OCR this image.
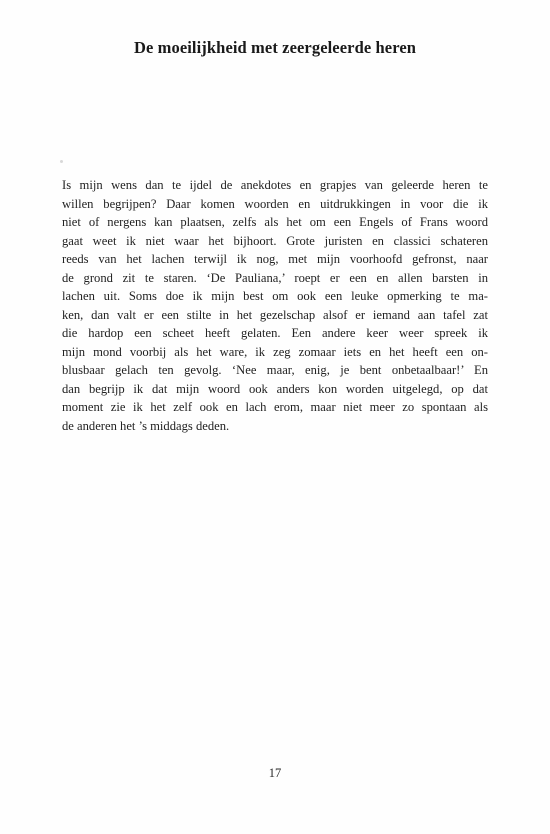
De moeilijkheid met zeergeleerde heren

Is mijn wens dan te ijdel de anekdotes en grapjes van geleerde heren te
willen begrijpen? Daar komen woorden en uitdrukkingen in voor die ik
niet of nergens kan plaatsen, zelfs als het om een Engels of Frans woord
gaat weet ik niet waar het bijhoort. Grote juristen en classici schateren
reeds van het lachen terwijl ik nog, met mijn voorhoofd gefronst, naar
de grond zit te staren. ‘De Pauliana,’ roept er een en allen barsten in
lachen uit. Soms doe ik mijn best om ook een leuke opmerking te ma-
ken, dan valt er een stilte in het gezelschap alsof er iemand aan tafel zat
die hardop een scheet heeft gelaten. Een andere keer weer spreek ik
mijn mond voorbij als het ware, ik zeg zomaar iets en het heeft een on-
blusbaar gelach ten gevolg. ‘Nee maar, enig, je bent onbetaalbaar!’ En
dan begrijp ik dat mijn woord ook anders kon worden uitgelegd, op dat
moment zie ik het zelf ook en lach erom, maar niet meer zo spontaan als
de anderen het ’s middags deden.

17
